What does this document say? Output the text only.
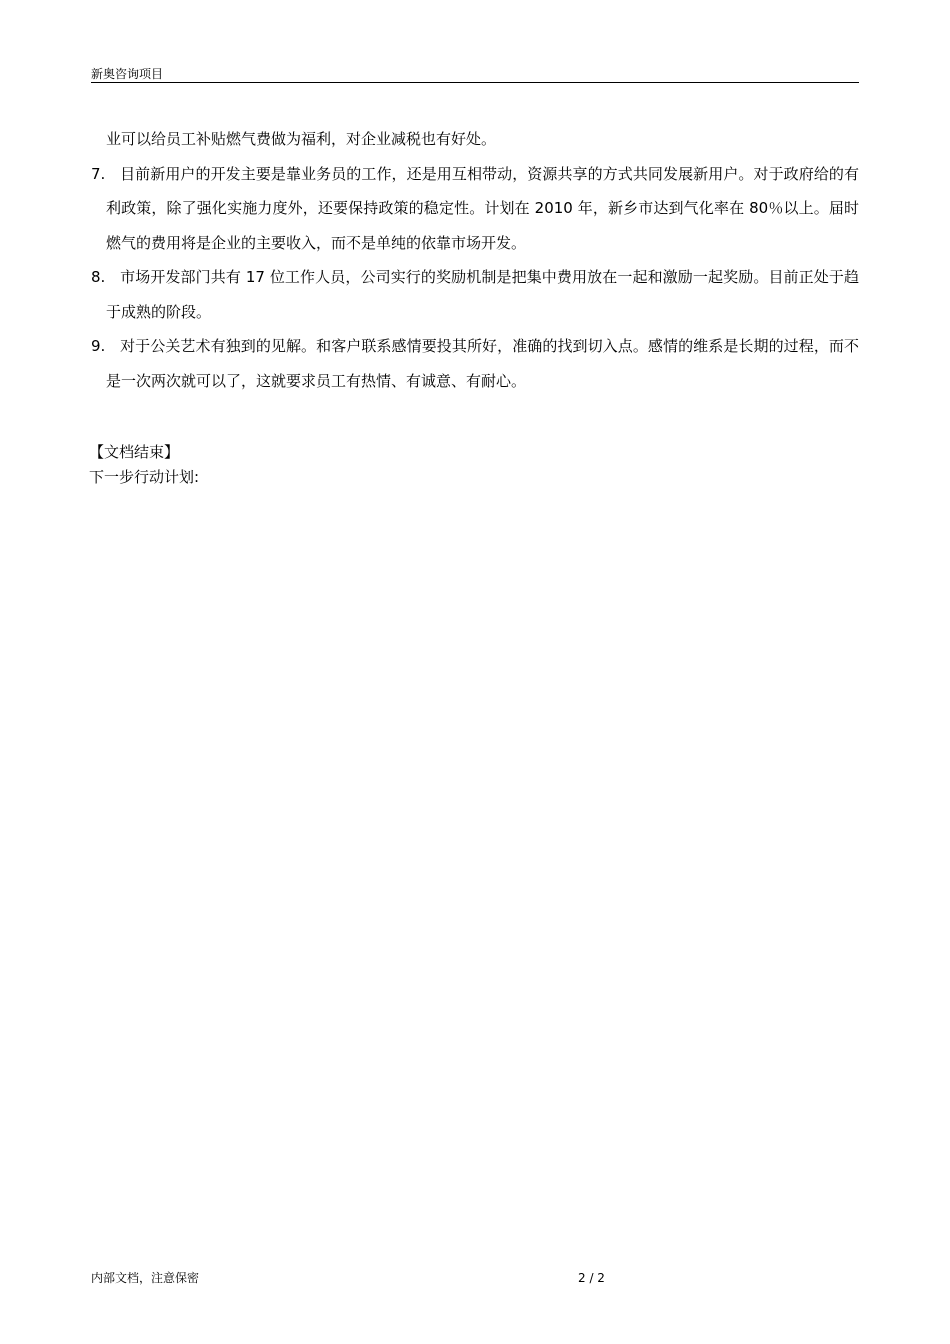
新奥咨询项目
业可以给员工补贴燃气费做为福利，对企业减税也有好处。
7. 目前新用户的开发主要是靠业务员的工作，还是用互相带动，资源共享的方式共同发展新用户。对于政府给的有利政策，除了强化实施力度外，还要保持政策的稳定性。计划在 2010 年，新乡市达到气化率在 80％以上。届时燃气的费用将是企业的主要收入，而不是单纯的依靠市场开发。
8. 市场开发部门共有 17 位工作人员，公司实行的奖励机制是把集中费用放在一起和激励一起奖励。目前正处于趋于成熟的阶段。
9. 对于公关艺术有独到的见解。和客户联系感情要投其所好，准确的找到切入点。感情的维系是长期的过程，而不是一次两次就可以了，这就要求员工有热情、有诚意、有耐心。
【文档结束】
下一步行动计划:
内部文档，注意保密	2 / 2
